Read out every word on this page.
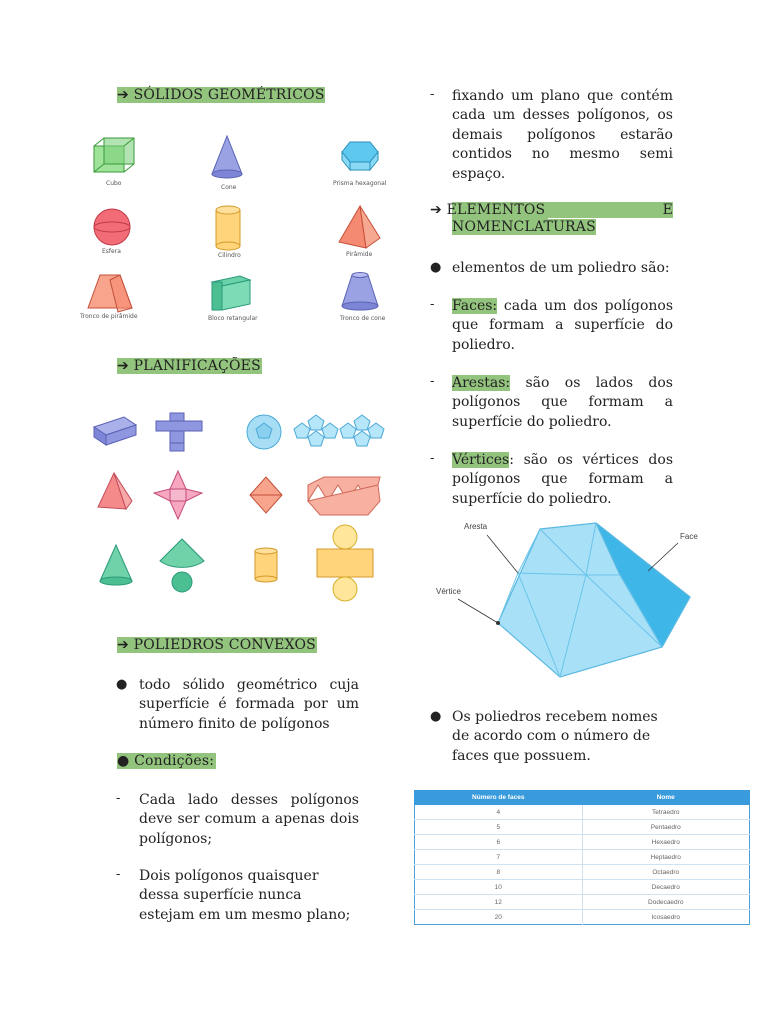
➔ SÓLIDOS GEOMÉTRICOS
Cubo
Cone
Prisma hexagonal
Esfera
Cilindro	Pirâmide
Tronco de pirâmide	Bloco retangular	Tronco de cone
➔ PLANIFICAÇÕES
➔ POLIEDROS CONVEXOS
● todo sólido geométrico cuja superfície é formada por um número finito de polígonos
● Condições:
- Cada lado desses polígonos deve ser comum a apenas dois polígonos;
- Dois polígonos quaisquer dessa superfície nunca estejam em um mesmo plano;
- fixando um plano que contém cada um desses polígonos, os demais polígonos estarão contidos no mesmo semi espaço.
➔ ELEMENTOS	E
NOMENCLATURAS
● elementos de um poliedro são:
- Faces: cada um dos polígonos que formam a superfície do poliedro.
- Arestas: são os lados dos polígonos que formam a superfície do poliedro.
- Vértices: são os vértices dos polígonos que formam a superfície do poliedro.
Aresta
Face
Vértice
● Os poliedros recebem nomes de acordo com o número de faces que possuem.
Número de faces	Nome
4	Tetraedro
5	Pentaedro
6	Hexaedro
7	Heptaedro
8	Octaedro
10	Decaedro
12	Dodecaedro
20	Icosaedro
